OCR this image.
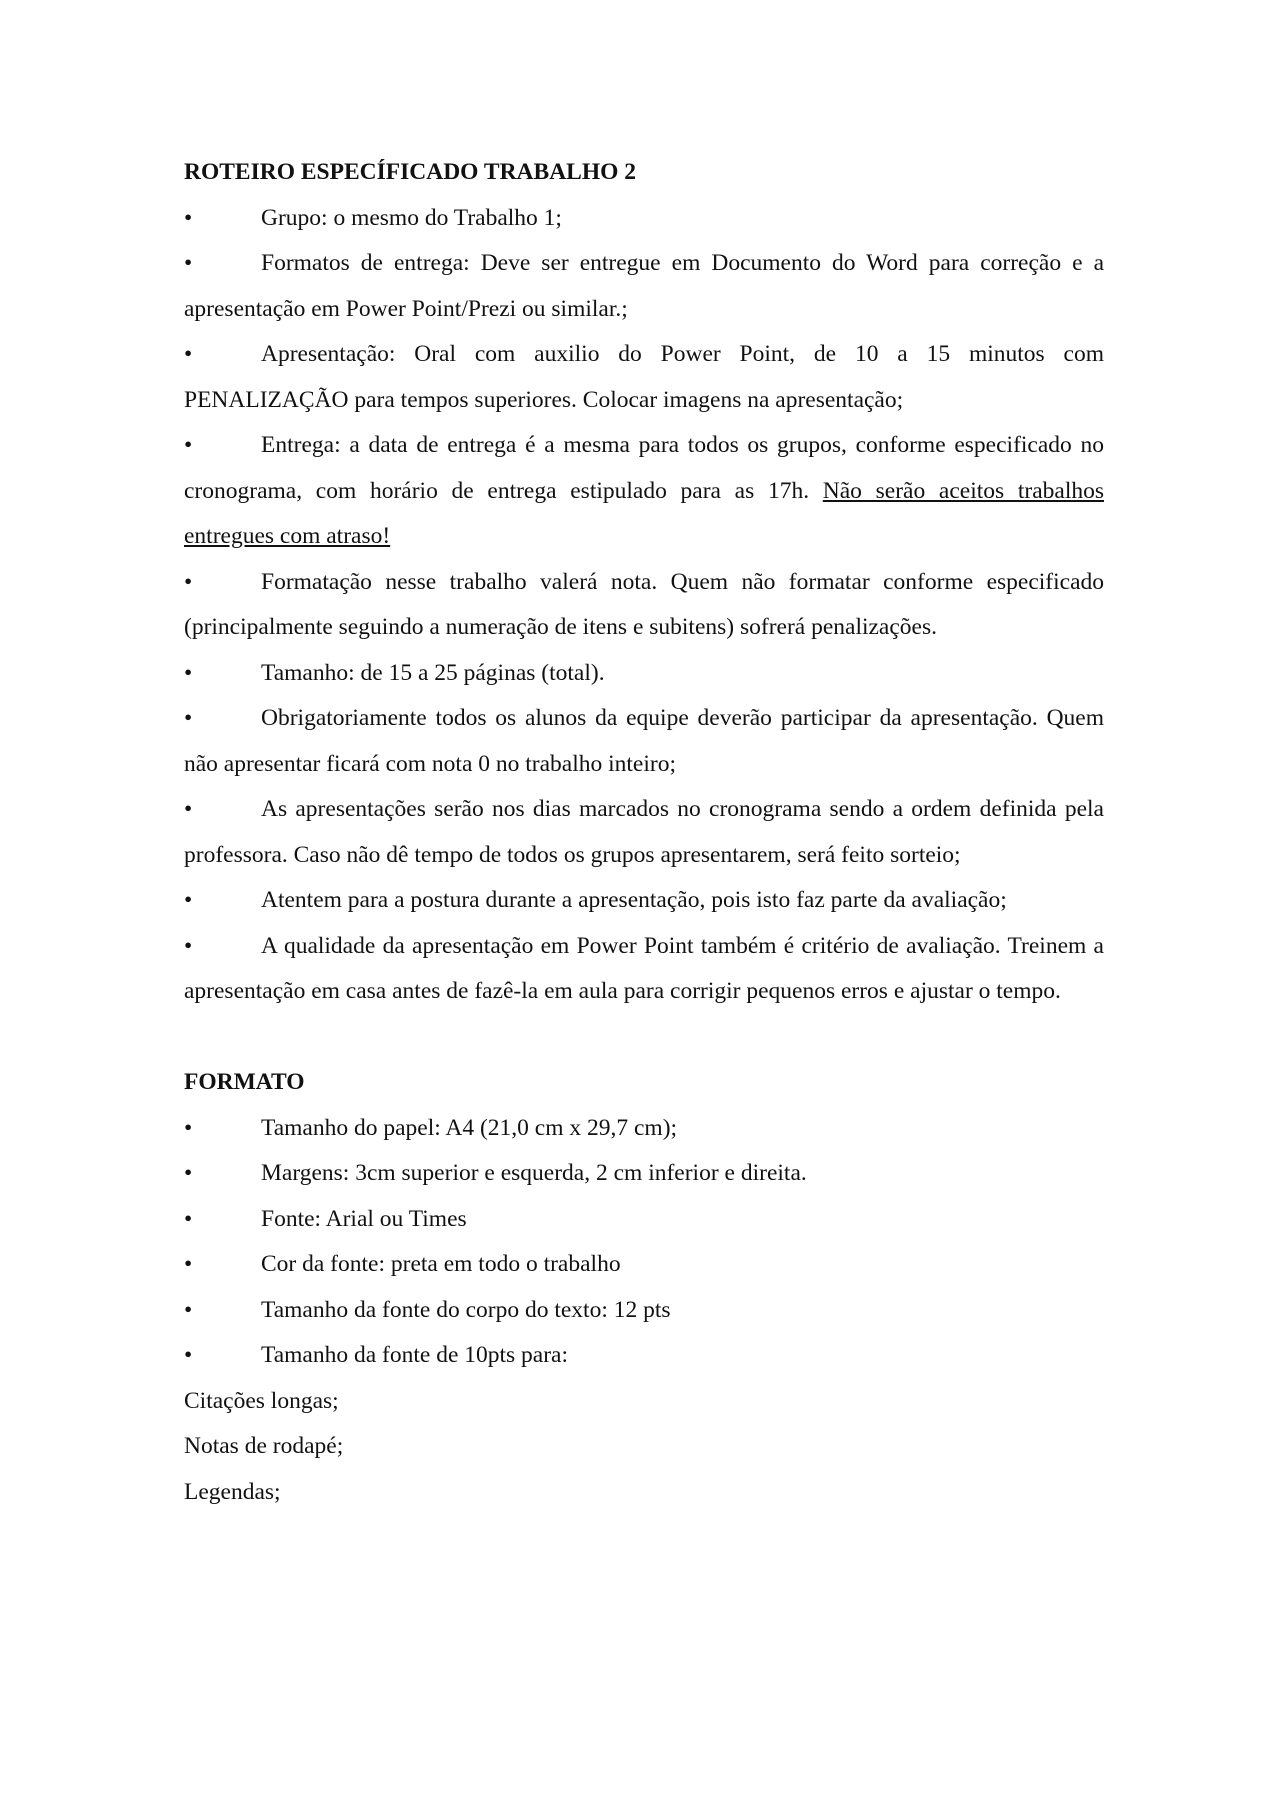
ROTEIRO ESPECÍFICADO TRABALHO 2

•	Grupo: o mesmo do Trabalho 1;

•	Formatos de entrega: Deve ser entregue em Documento do Word para correção e a apresentação em Power Point/Prezi ou similar.;

•	Apresentação: Oral com auxilio do Power Point, de 10 a 15 minutos com PENALIZAÇÃO para tempos superiores. Colocar imagens na apresentação;

•	Entrega: a data de entrega é a mesma para todos os grupos, conforme especificado no cronograma, com horário de entrega estipulado para as 17h. Não serão aceitos trabalhos entregues com atraso!

•	Formatação nesse trabalho valerá nota. Quem não formatar conforme especificado (principalmente seguindo a numeração de itens e subitens) sofrerá penalizações.

•	Tamanho: de 15 a 25 páginas (total).

•	Obrigatoriamente todos os alunos da equipe deverão participar da apresentação. Quem não apresentar ficará com nota 0 no trabalho inteiro;

•	As apresentações serão nos dias marcados no cronograma sendo a ordem definida pela professora. Caso não dê tempo de todos os grupos apresentarem, será feito sorteio;

•	Atentem para a postura durante a apresentação, pois isto faz parte da avaliação;

•	A qualidade da apresentação em Power Point também é critério de avaliação. Treinem a apresentação em casa antes de fazê-la em aula para corrigir pequenos erros e ajustar o tempo.

FORMATO

•	Tamanho do papel: A4 (21,0 cm x 29,7 cm);

•	Margens: 3cm superior e esquerda, 2 cm inferior e direita.

•	Fonte: Arial ou Times

•	Cor da fonte: preta em todo o trabalho

•	Tamanho da fonte do corpo do texto: 12 pts

•	Tamanho da fonte de 10pts para:

Citações longas;

Notas de rodapé;

Legendas;
